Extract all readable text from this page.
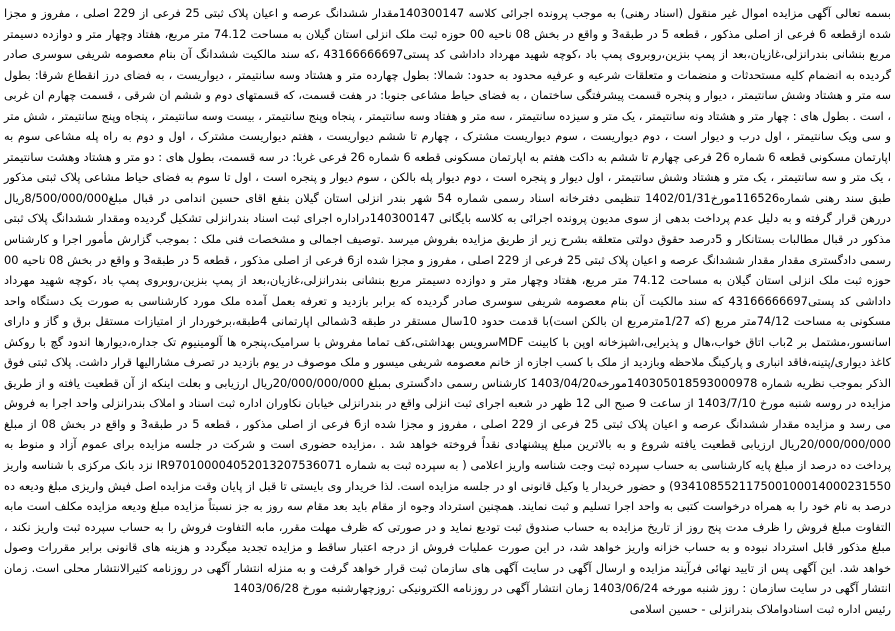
بسمه تعالی آگهی مزایده اموال غیر منقول (اسناد رهنی) به موجب پرونده اجرائی کلاسه 140300147مقدار ششدانگ عرصه و اعیان پلاک ثبتی 25 فرعی از 229 اصلی ، مفروز و مجزا شده ازقطعه 6 فرعی از اصلی مذکور ، قطعه 5 در طبقه3 و واقع در بخش 08 ناحیه 00 حوزه ثبت ملک انزلی استان گیلان به مساحت 74.12 متر مربع، هفتاد وچهار متر و دوازده دسیمتر مربع بنشانی بندرانزلی،غازیان،بعد از پمپ بنزین،روبروی پمپ باد ،کوچه شهید مهرداد داداشی کد پستی43166666697 ،که سند مالکیت ششدانگ آن بنام معصومه شریفی سوسری صادر گردیده به انضمام کلیه مستحدثات و منضمات و متعلقات شرعیه و عرفیه محدود به حدود: شمالا: بطول چهارده متر و هشتاد وسه سانتیمتر ، دیواریست ، به فضای درز انقطاع شرقا: بطول سه متر و هشتاد وشش سانتیمتر ، دیوار و پنجره قسمت پیشرفتگی ساختمان ، به فضای حیاط مشاعی جنوبا: در هفت قسمت، که قسمتهای دوم و ششم ان شرقی ، قسمت چهارم ان غربی ، است . بطول های : چهار متر و هشتاد ونه سانتیمتر ، یک متر و سیزده سانتیمتر ، سه متر و هفتاد وسه سانتیمتر ، پنجاه وپنج سانتیمتر ، بیست وسه سانتیمتر ، پنجاه وپنج سانتیمتر ، شش متر و سی ویک سانتیمتر ، اول درب و دیوار است ، دوم دیواریست ، سوم دیواریست مشترک ، چهارم تا ششم دیواریست ، هفتم دیواریست مشترک ، اول و دوم به راه پله مشاعی سوم به اپارتمان مسکونی قطعه 6 شماره 26 فرعی چهارم تا ششم به داکت هفتم به اپارتمان مسکونی قطعه 6 شماره 26 فرعی غربا: در سه قسمت، بطول های : دو متر و هشتاد وهشت سانتیمتر ، یک متر و سه سانتیمتر ، یک متر و هشتاد وشش سانتیمتر ، اول دیوار و پنجره است ، دوم دیوار پله بالکن ، سوم دیوار و پنجره است ، اول تا سوم به فضای حیاط مشاعی پلاک ثبتی مذکور طبق سند رهنی شماره116526مورخ1402/01/31 تنظیمی دفترخانه اسناد رسمی شماره 54 شهر بندر انزلی استان گیلان بنفع اقای حسین اندامی در قبال مبلغ8/500/000/000ریال دررهن قرار گرفته و به دلیل عدم پرداخت بدهی از سوی مدیون پرونده اجرائی به کلاسه بایگانی 140300147دراداره اجرای ثبت اسناد بندرانزلی تشکیل گردیده ومقدار ششدانگ پلاک ثبتی مذکور در قبال مطالبات بستانکار و 5درصد حقوق دولتی متعلقه بشرح زیر از طریق مزایده بفروش میرسد .توصیف اجمالی و مشخصات فنی ملک : بموجب گزارش مأمور اجرا و کارشناس رسمی دادگستری مقدار مقدار ششدانگ عرصه و اعیان پلاک ثبتی 25 فرعی از 229 اصلی ، مفروز و مجزا شده از6 فرعی از اصلی مذکور ، قطعه 5 در طبقه3 و واقع در بخش 08 ناحیه 00 حوزه ثبت ملک انزلی استان گیلان به مساحت 74.12 متر مربع، هفتاد وچهار متر و دوازده دسیمتر مربع بنشانی بندرانزلی،غازیان،بعد از پمپ بنزین،روبروی پمپ باد ،کوچه شهید مهرداد داداشی کد پستی43166666697 که سند مالکیت آن بنام معصومه شریفی سوسری صادر گردیده که برابر بازدید و تعرفه بعمل آمده ملک مورد کارشناسی به صورت یک دستگاه واحد مسکونی به مساحت 74/12متر مربع (که 1/27مترمربع ان بالکن است)با قدمت حدود 10سال مستقر در طبقه 3شمالی اپارتمانی 4طبقه،برخوردار از امتیازات مستقل برق و گاز و دارای اسانسور،مشتمل بر 2باب اتاق خواب،هال و پذیرایی،اشپزخانه اوپن با کابینت MDFسرویس بهداشتی،کف تماما مفروش با سرامیک،پنجره ها آلومینیوم تک جداره،دیوارها اندود گچ با روکش کاغذ دیواری/پتینه،فاقد انباری و پارکینگ ملاحظه وبازدید از ملک با کسب اجازه از خانم معصومه شریفی میسور و ملک موصوف در یوم بازدید در تصرف مشارالیها قرار داشت. پلاک ثبتی فوق الذکر بموجب نظریه شماره 140305018593000978مورخه1403/04/20 کارشناس رسمی دادگستری بمبلغ 20/000/000/000ریال ارزیابی و بعلت اینکه از آن قطعیت یافته و از طریق مزایده در روسه شنبه مورخ 1403/7/10 از ساعت 9 صبح الی 12 ظهر در شعبه اجرای ثبت انزلی واقع در بندرانزلی خیابان نکاوران اداره ثبت اسناد و املاک بندرانزلی واحد اجرا به فروش می رسد و مزایده مقدار ششدانگ عرصه و اعیان پلاک ثبتی 25 فرعی از 229 اصلی ، مفروز و مجزا شده از6 فرعی از اصلی مذکور ، قطعه 5 در طبقه3 و واقع در بخش 08 از مبلغ 20/000/000/000ریال ارزیابی قطعیت یافته شروع و به بالاترین مبلغ پیشنهادی نقداً فروخته خواهد شد . ،مزایده حضوری است و شرکت در جلسه مزایده برای عموم آزاد و منوط به پرداخت ده درصد از مبلغ پایه کارشناسی به حساب سپرده ثبت وجت شناسه واریز اعلامی ( به سپرده ثبت به شماره IR970100004052013207536071 نزد بانک مرکزی با شناسه واریز 934108552117500100014000231550) و حضور خریدار یا وکیل قانونی او در جلسه مزایده است. لذا خریدار وی بایستی تا قبل از پایان وقت مزایده اصل فیش واریزی مبلغ ودیعه ده درصد به نام خود را به همراه درخواست کتبی به واحد اجرا تسلیم و ثبت نمایند. همچنین استرداد وجوه از مقام باید بعد مقام سه روز به جز نسبتاً مزایده مبلغ ودیعه مزایده مکلف است مابه التفاوت مبلغ فروش را ظرف مدت پنج روز از تاریخ مزایده به حساب صندوق ثبت تودیع نماید و در صورتی که ظرف مهلت مقرر، مابه التفاوت فروش را به حساب سپرده ثبت واریز نکند ، مبلغ مذکور قابل استرداد نبوده و به حساب خزانه واریز خواهد شد، در این صورت عملیات فروش از درجه اعتبار ساقط و مزایده تجدید میگردد و هزینه های قانونی برابر مقررات وصول خواهد شد. این آگهی پس از تایید نهائی فرآیند مزایده و ارسال آگهی در سایت آگهی های سازمان ثبت قرار خواهد گرفت و به منزله انتشار آگهی در روزنامه کثیرالانتشار محلی است. زمان انتشار آگهی در سایت سازمان : روز شنبه مورخه 1403/06/24 زمان انتشار آگهی در روزنامه الکترونیکی :روزچهارشنبه مورخ 1403/06/28
رئیس اداره ثبت اسنادواملاک بندرانزلی - حسین اسلامی
